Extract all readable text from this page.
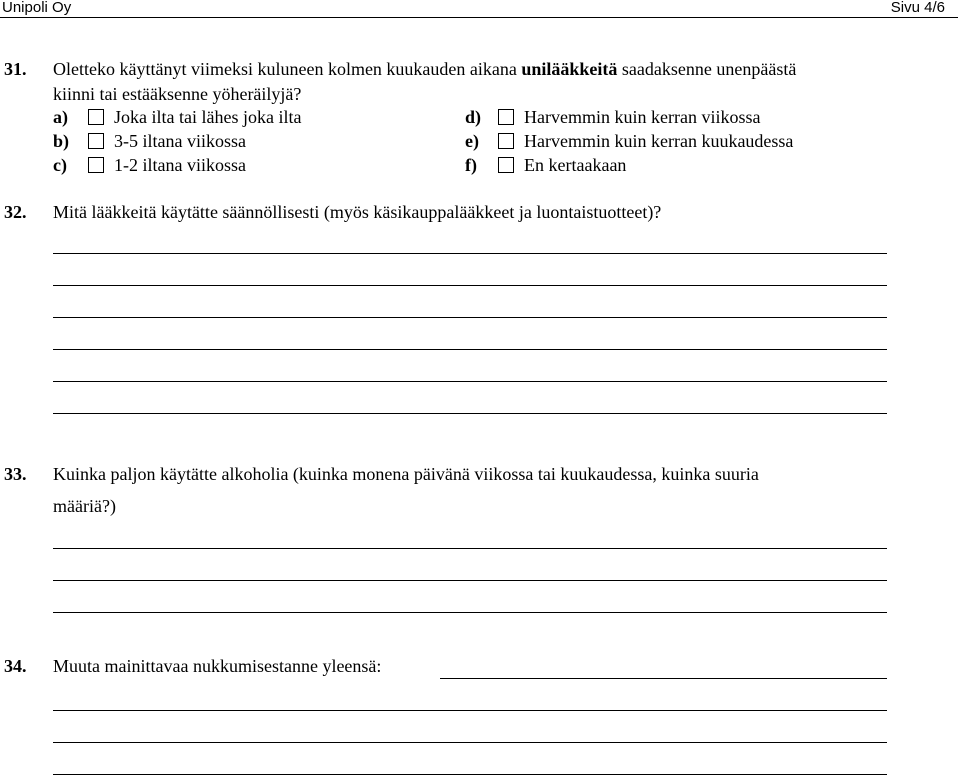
Unipoli Oy	Sivu 4/6
31. Oletteko käyttänyt viimeksi kuluneen kolmen kuukauden aikana unilääkkeitä saadaksenne unenpäästä
kiinni tai estääksenne yöheräilyjä?
a)	Joka ilta tai lähes joka ilta
b) 3-5 iltana viikossa
c)	1-2 iltana viikossa
d) Harvemmin kuin kerran viikossa
e)	Harvemmin kuin kerran kuukaudessa
f)	En kertaakaan
32. Mitä lääkkeitä käytätte säännöllisesti (myös käsikauppalääkkeet ja luontaistuotteet)?
33. Kuinka paljon käytätte alkoholia (kuinka monena päivänä viikossa tai kuukaudessa, kuinka suuria
määriä?)
34. Muuta mainittavaa nukkumisestanne yleensä:
